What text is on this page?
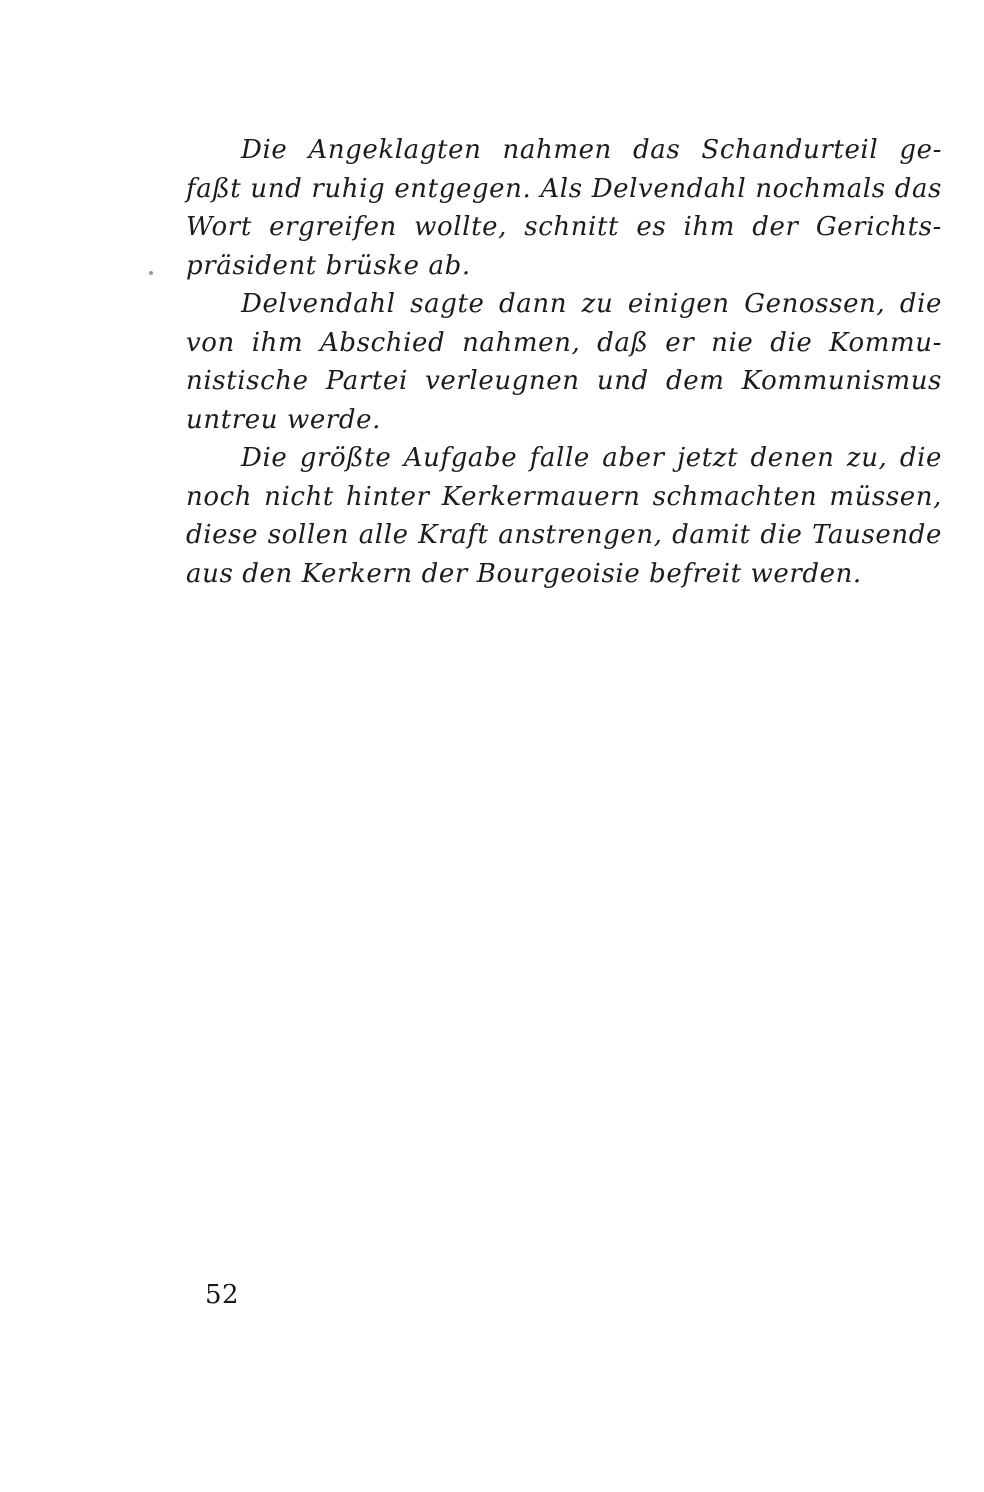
Die Angeklagten nahmen das Schandurteil ge-
faßt und ruhig entgegen. Als Delvendahl nochmals das
Wort ergreifen wollte, schnitt es ihm der Gerichts-
präsident brüske ab.
Delvendahl sagte dann zu einigen Genossen, die
von ihm Abschied nahmen, daß er nie die Kommu-
nistische Partei verleugnen und dem Kommunismus
untreu werde.
Die größte Aufgabe falle aber jetzt denen zu, die
noch nicht hinter Kerkermauern schmachten müssen,
diese sollen alle Kraft anstrengen, damit die Tausende
aus den Kerkern der Bourgeoisie befreit werden.
52
